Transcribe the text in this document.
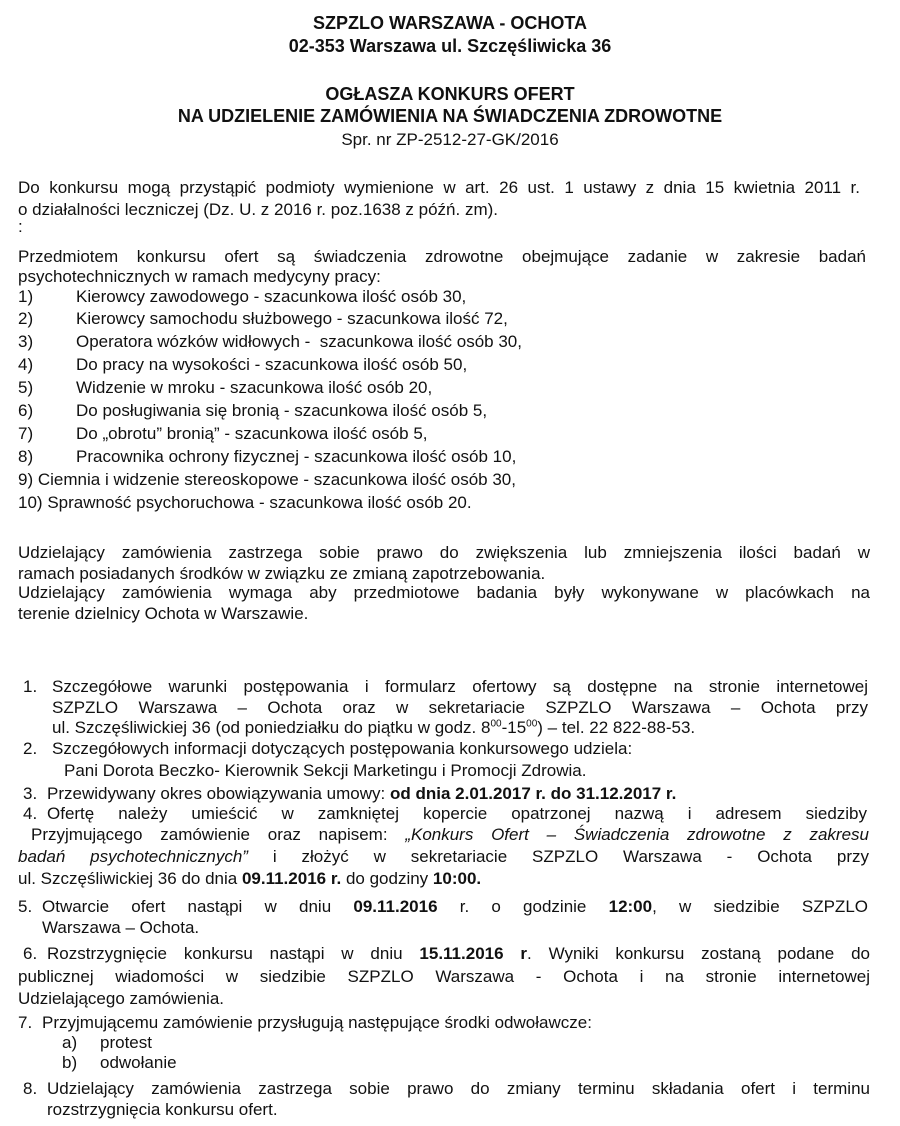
SZPZLO WARSZAWA - OCHOTA
02-353 Warszawa ul. Szczęśliwicka 36
OGŁASZA KONKURS OFERT
NA UDZIELENIE ZAMÓWIENIA NA ŚWIADCZENIA ZDROWOTNE
Spr. nr ZP-2512-27-GK/2016
Do konkursu mogą przystąpić podmioty wymienione w art. 26 ust. 1 ustawy z dnia 15 kwietnia 2011 r.
o działalności leczniczej (Dz. U. z 2016 r. poz.1638 z późń. zm).
:
Przedmiotem konkursu ofert są świadczenia zdrowotne obejmujące zadanie w zakresie badań
psychotechnicznych w ramach medycyny pracy:
1)	Kierowcy zawodowego - szacunkowa ilość osób 30,
2)	Kierowcy samochodu służbowego - szacunkowa ilość 72,
3)	Operatora wózków widłowych -  szacunkowa ilość osób 30,
4)	Do pracy na wysokości - szacunkowa ilość osób 50,
5)	Widzenie w mroku - szacunkowa ilość osób 20,
6)	Do posługiwania się bronią - szacunkowa ilość osób 5,
7)	Do „obrotu” bronią” - szacunkowa ilość osób 5,
8)	Pracownika ochrony fizycznej - szacunkowa ilość osób 10,
9) Ciemnia i widzenie stereoskopowe - szacunkowa ilość osób 30,
10) Sprawność psychoruchowa - szacunkowa ilość osób 20.
Udzielający zamówienia zastrzega sobie prawo do zwiększenia lub zmniejszenia ilości badań w
ramach posiadanych środków w związku ze zmianą zapotrzebowania.
Udzielający zamówienia wymaga aby przedmiotowe badania były wykonywane w placówkach na
terenie dzielnicy Ochota w Warszawie.
1. Szczegółowe warunki postępowania i formularz ofertowy są dostępne na stronie internetowej
SZPZLO Warszawa – Ochota oraz w sekretariacie SZPZLO Warszawa – Ochota przy
ul. Szczęśliwickiej 36 (od poniedziałku do piątku w godz. $8^{00}-15^{00}$) – tel. 22 822-88-53.
2. Szczegółowych informacji dotyczących postępowania konkursowego udziela:
Pani Dorota Beczko- Kierownik Sekcji Marketingu i Promocji Zdrowia.
3. Przewidywany okres obowiązywania umowy: od dnia 2.01.2017 r. do 31.12.2017 r.
4. Ofertę należy umieścić w zamkniętej kopercie opatrzonej nazwą i adresem siedziby
Przyjmującego zamówienie oraz napisem: „Konkurs Ofert – Świadczenia zdrowotne z zakresu
badań psychotechnicznych” i złożyć w sekretariacie SZPZLO Warszawa - Ochota przy
ul. Szczęśliwickiej 36 do dnia 09.11.2016 r. do godziny 10:00.
5. Otwarcie ofert nastąpi w dniu 09.11.2016 r. o godzinie 12:00, w siedzibie SZPZLO
Warszawa – Ochota.
6. Rozstrzygnięcie konkursu nastąpi w dniu 15.11.2016 r. Wyniki konkursu zostaną podane do
publicznej wiadomości w siedzibie SZPZLO Warszawa - Ochota i na stronie internetowej
Udzielającego zamówienia.
7. Przyjmującemu zamówienie przysługują następujące środki odwoławcze:
a) protest
b) odwołanie
8. Udzielający zamówienia zastrzega sobie prawo do zmiany terminu składania ofert i terminu
rozstrzygnięcia konkursu ofert.
